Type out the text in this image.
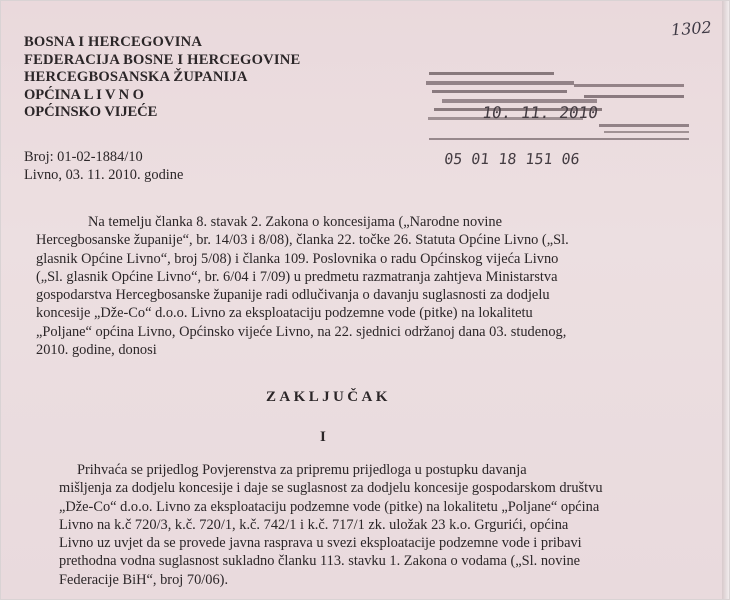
1302
BOSNA I HERCEGOVINA
FEDERACIJA BOSNE I HERCEGOVINE
HERCEGBOSANSKA ŽUPANIJA
OPĆINA L I V N O
OPĆINSKO VIJEĆE
Broj: 01-02-1884/10
Livno, 03. 11. 2010. godine
10. 11. 2010
05 01 18 151 06
Na temelju članka 8. stavak 2. Zakona o koncesijama („Narodne novine
Hercegbosanske županije“, br. 14/03 i 8/08), članka 22. točke 26. Statuta Općine Livno („Sl.
glasnik Općine Livno“, broj 5/08) i članka 109. Poslovnika o radu Općinskog vijeća Livno
(„Sl. glasnik Općine Livno“, br. 6/04 i 7/09) u predmetu razmatranja zahtjeva Ministarstva
gospodarstva Hercegbosanske županije radi odlučivanja o davanju suglasnosti za dodjelu
koncesije „Dže-Co“ d.o.o. Livno za eksploataciju podzemne vode (pitke) na lokalitetu
„Poljane“ općina Livno, Općinsko vijeće Livno, na 22. sjednici održanoj dana 03. studenog,
2010. godine, donosi
ZAKLJUČAK
I
Prihvaća se prijedlog Povjerenstva za pripremu prijedloga u postupku davanja
mišljenja za dodjelu koncesije i daje se suglasnost za dodjelu koncesije gospodarskom društvu
„Dže-Co“ d.o.o. Livno za eksploataciju podzemne vode (pitke) na lokalitetu „Poljane“ općina
Livno na k.č 720/3, k.č. 720/1, k.č. 742/1 i k.č. 717/1 zk. uložak 23 k.o. Grgurići, općina
Livno uz uvjet da se provede javna rasprava u svezi eksploatacije podzemne vode i pribavi
prethodna vodna suglasnost sukladno članku 113. stavku 1. Zakona o vodama („Sl. novine
Federacije BiH“, broj 70/06).
